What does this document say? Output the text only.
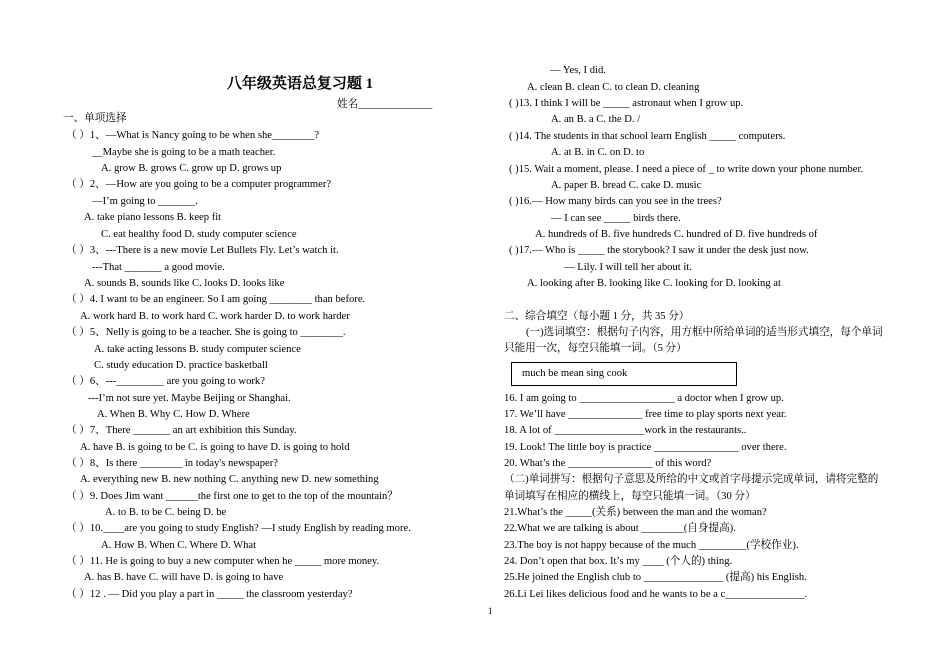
八年级英语总复习题 1
姓名______________
一、单项选择
（ ）1、—What is Nancy going to be when she________?
__Maybe she is going to be a math teacher.
A. grow B. grows C. grow up D. grows up
（ ）2、—How are you going to be a computer programmer?
—I’m going to _______.
A. take piano lessons B. keep fit
C. eat healthy food D. study computer science
（ ）3、---There is a new movie Let Bullets Fly. Let’s watch it.
---That _______ a good movie.
A. sounds B. sounds like C. looks D. looks like
（ ）4. I want to be an engineer. So I am going ________ than before.
A. work hard B. to work hard C. work harder D. to work harder
（ ）5、Nelly is going to be a teacher. She is going to ________.
A. take acting lessons B. study computer science
C. study education D. practice basketball
（ ）6、---_________ are you going to work?
---I’m not sure yet. Maybe Beijing or Shanghai.
A. When B. Why C. How D. Where
（ ）7、There _______ an art exhibition this Sunday.
A. have B. is going to be C. is going to have D. is going to hold
（ ）8、Is there ________ in today's newspaper?
A. everything new B. new nothing C. anything new D. new something
（ ）9. Does Jim want ______the first one to get to the top of the mountain？
A. to B. to be C. being D. be
（ ）10.____are you going to study English? —I study English by reading more.
A. How B. When C. Where D. What
（ ）11. He is going to buy a new computer when he _____ more money.
A. has B. have C. will have D. is going to have
（ ）12 . — Did you play a part in _____ the classroom yesterday?
— Yes, I did.
A. clean B. clean C. to clean D. cleaning
( )13. I think I will be _____ astronaut when I grow up.
A. an B. a C. the D. /
( )14. The students in that school learn English _____ computers.
A. at B. in C. on D. to
( )15. Wait a moment, please. I need a piece of _ to write down your phone number.
A. paper B. bread C. cake D. music
( )16.— How many birds can you see in the trees?
— I can see _____ birds there.
A. hundreds of B. five hundreds C. hundred of D. five hundreds of
( )17.— Who is _____ the storybook? I saw it under the desk just now.
— Lily. I will tell her about it.
A. looking after B. looking like C. looking for D. looking at
二、综合填空（每小题 1 分，共 35 分）
(一)选词填空：根据句子内容，用方框中所给单词的适当形式填空，每个单词
只能用一次，每空只能填一词。（5 分）
much be mean sing cook
16. I am going to __________________ a doctor when I grow up.
17. We’ll have ______________ free time to play sports next year.
18. A lot of _________________work in the restaurants..
19. Look! The little boy is practice ________________ over there.
20. What’s the ________________ of this word?
（二)单词拼写：根据句子意思及所给的中文或首字母提示完成单词，请将完整的
单词填写在相应的横线上，每空只能填一词。（30 分）
21.What’s the _____(关系) between the man and the woman?
22.What we are talking is about ________(自身提高).
23.The boy is not happy because of the much _________(学校作业).
24. Don’t open that box. It’s my ____ (个人的) thing.
25.He joined the English club to _______________ (提高) his English.
26.Li Lei likes delicious food and he wants to be a c_______________.
1
